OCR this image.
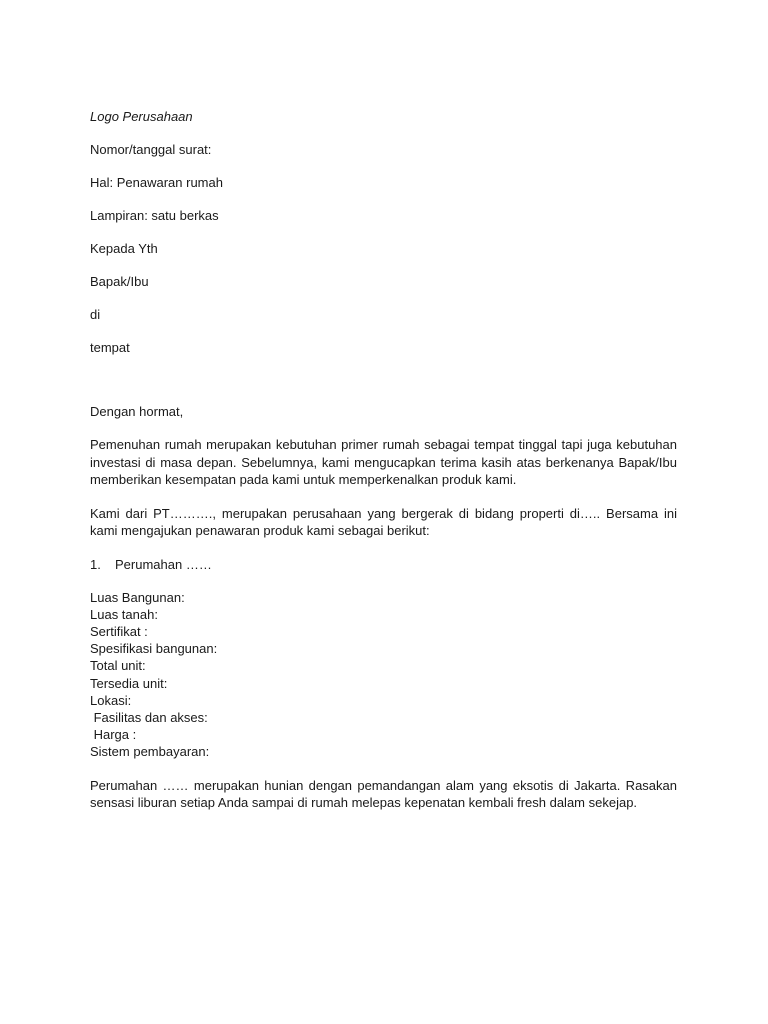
Logo Perusahaan

Nomor/tanggal surat:

Hal: Penawaran rumah

Lampiran: satu berkas

Kepada Yth

Bapak/Ibu

di

tempat

Dengan hormat,

Pemenuhan rumah merupakan kebutuhan primer rumah sebagai tempat tinggal tapi juga kebutuhan investasi di masa depan. Sebelumnya, kami mengucapkan terima kasih atas berkenanya Bapak/Ibu memberikan kesempatan pada kami untuk memperkenalkan produk kami.

Kami dari PT………., merupakan perusahaan yang bergerak di bidang properti di….. Bersama ini kami mengajukan penawaran produk kami sebagai berikut:

1. Perumahan ……

Luas Bangunan:

Luas tanah:

Sertifikat :

Spesifikasi bangunan:

Total unit:

Tersedia unit:

Lokasi:

Fasilitas dan akses:

Harga :

Sistem pembayaran:

Perumahan …… merupakan hunian dengan pemandangan alam yang eksotis di Jakarta. Rasakan sensasi liburan setiap Anda sampai di rumah melepas kepenatan kembali fresh dalam sekejap.
